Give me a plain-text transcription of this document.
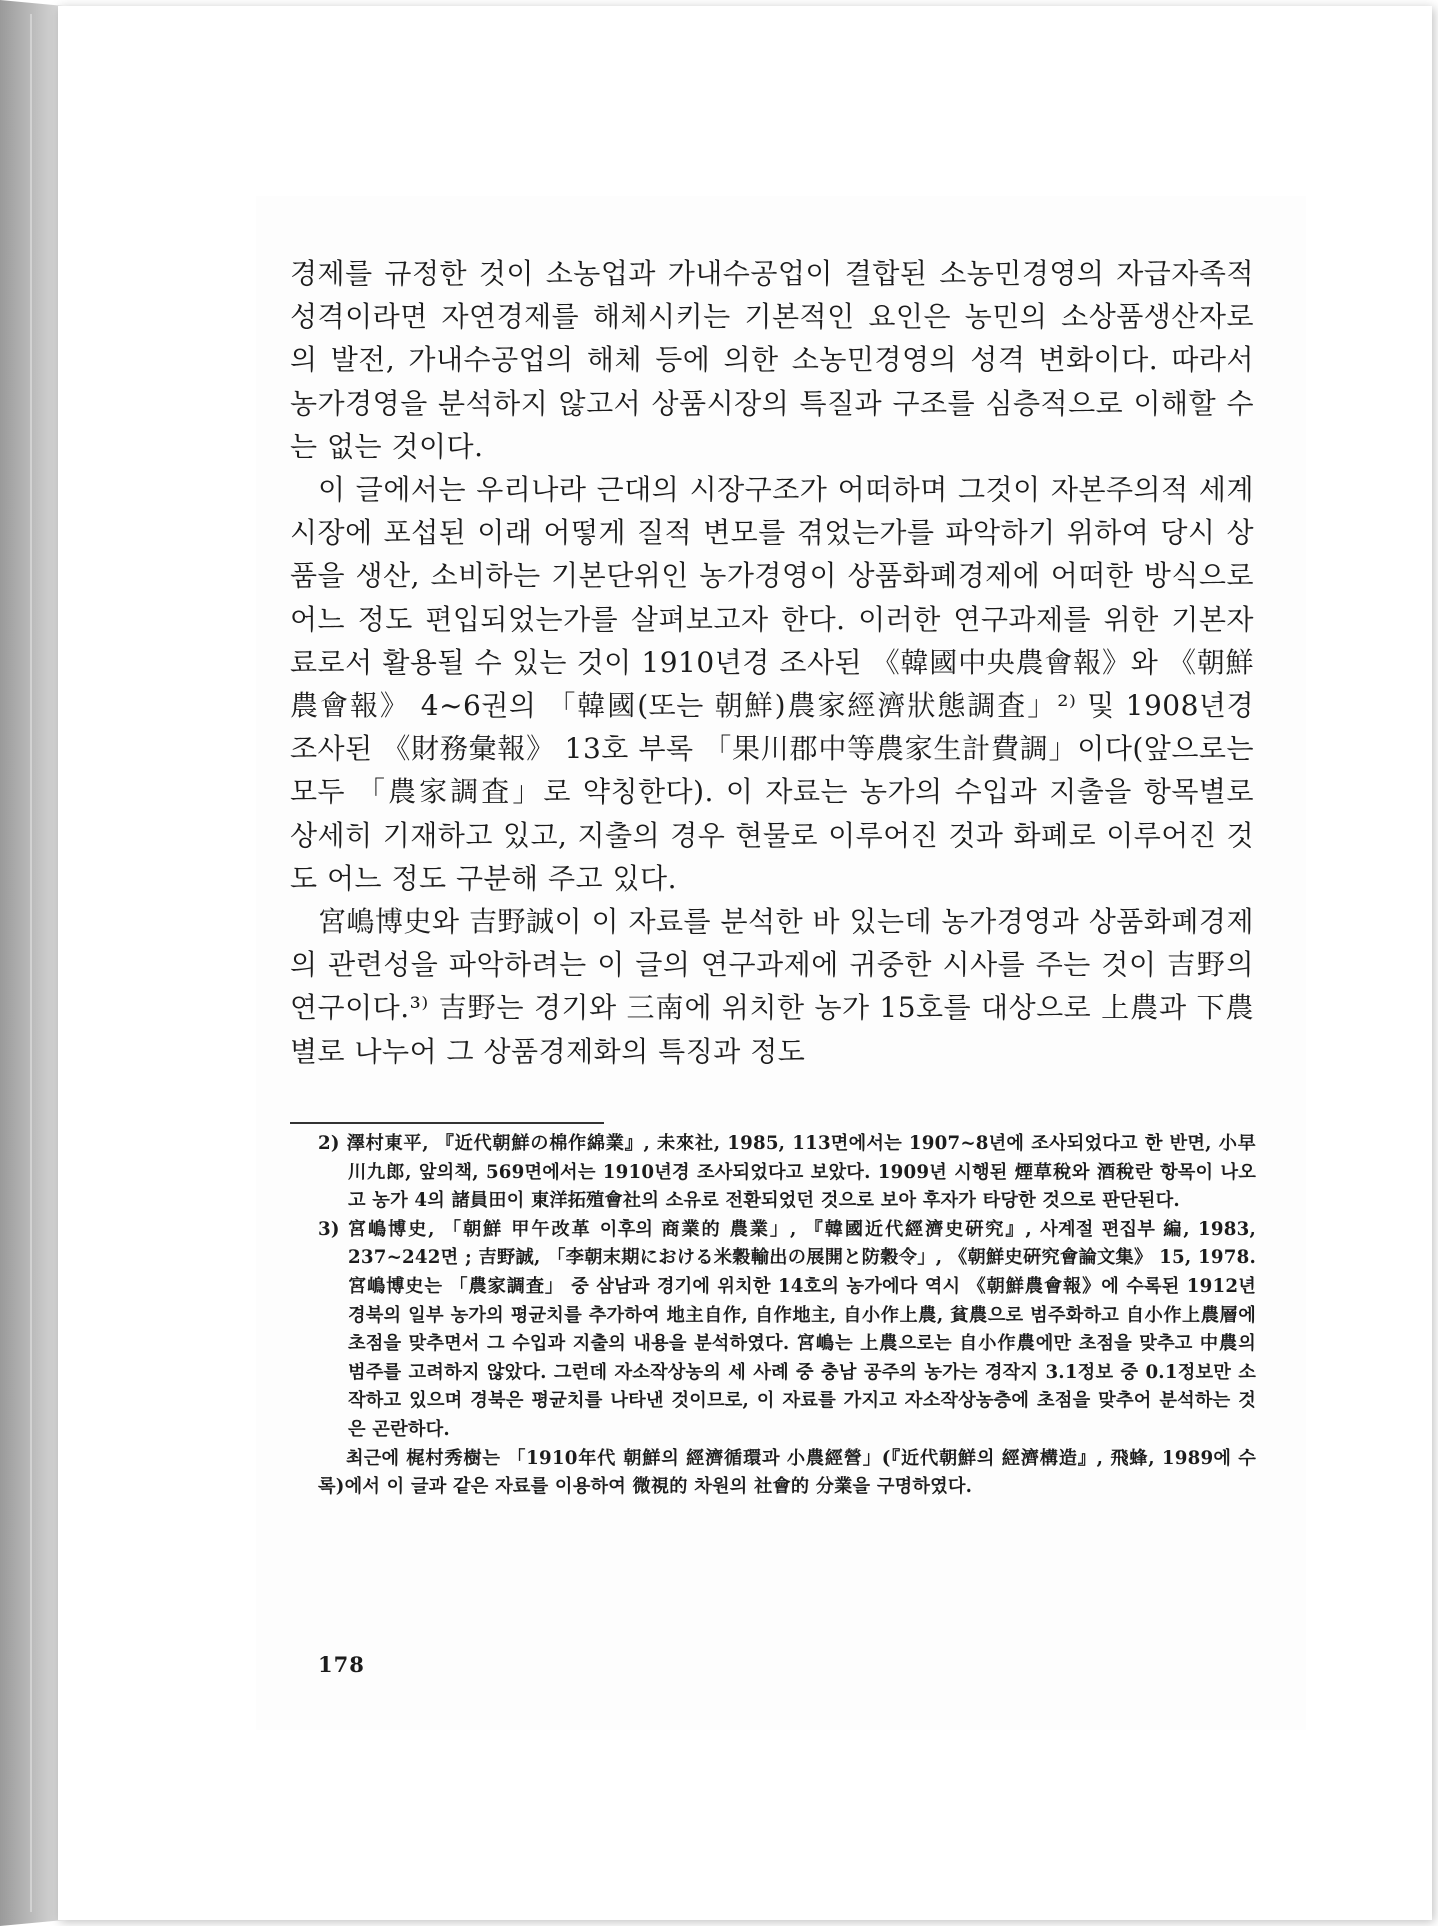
경제를 규정한 것이 소농업과 가내수공업이 결합된 소농민경영의 자급자족적 성격이라면 자연경제를 해체시키는 기본적인 요인은 농민의 소상품생산자로의 발전, 가내수공업의 해체 등에 의한 소농민경영의 성격 변화이다. 따라서 농가경영을 분석하지 않고서 상품시장의 특질과 구조를 심층적으로 이해할 수는 없는 것이다.

이 글에서는 우리나라 근대의 시장구조가 어떠하며 그것이 자본주의적 세계시장에 포섭된 이래 어떻게 질적 변모를 겪었는가를 파악하기 위하여 당시 상품을 생산, 소비하는 기본단위인 농가경영이 상품화폐경제에 어떠한 방식으로 어느 정도 편입되었는가를 살펴보고자 한다. 이러한 연구과제를 위한 기본자료로서 활용될 수 있는 것이 1910년경 조사된 《韓國中央農會報》와 《朝鮮農會報》 4~6권의 「韓國(또는 朝鮮)農家經濟狀態調査」²⁾ 및 1908년경 조사된 《財務彙報》 13호 부록 「果川郡中等農家生計費調」이다(앞으로는 모두 「農家調査」로 약칭한다). 이 자료는 농가의 수입과 지출을 항목별로 상세히 기재하고 있고, 지출의 경우 현물로 이루어진 것과 화폐로 이루어진 것도 어느 정도 구분해 주고 있다.

宮嶋博史와 吉野誠이 이 자료를 분석한 바 있는데 농가경영과 상품화폐경제의 관련성을 파악하려는 이 글의 연구과제에 귀중한 시사를 주는 것이 吉野의 연구이다.³⁾ 吉野는 경기와 三南에 위치한 농가 15호를 대상으로 上農과 下農별로 나누어 그 상품경제화의 특징과 정도

2) 澤村東平, 『近代朝鮮の棉作綿業』, 未來社, 1985, 113면에서는 1907~8년에 조사되었다고 한 반면, 小早川九郎, 앞의책, 569면에서는 1910년경 조사되었다고 보았다. 1909년 시행된 煙草稅와 酒稅란 항목이 나오고 농가 4의 諸員田이 東洋拓殖會社의 소유로 전환되었던 것으로 보아 후자가 타당한 것으로 판단된다.

3) 宮嶋博史, 「朝鮮 甲午改革 이후의 商業的 農業」, 『韓國近代經濟史硏究』, 사계절 편집부 編, 1983, 237~242면 ; 吉野誠, 「李朝末期における米穀輸出の展開と防穀令」, 《朝鮮史硏究會論文集》 15, 1978. 宮嶋博史는 「農家調査」 중 삼남과 경기에 위치한 14호의 농가에다 역시 《朝鮮農會報》에 수록된 1912년 경북의 일부 농가의 평균치를 추가하여 地主自作, 自作地主, 自小作上農, 貧農으로 범주화하고 自小作上農層에 초점을 맞추면서 그 수입과 지출의 내용을 분석하였다. 宮嶋는 上農으로는 自小作農에만 초점을 맞추고 中農의 범주를 고려하지 않았다. 그런데 자소작상농의 세 사례 중 충남 공주의 농가는 경작지 3.1정보 중 0.1정보만 소작하고 있으며 경북은 평균치를 나타낸 것이므로, 이 자료를 가지고 자소작상농층에 초점을 맞추어 분석하는 것은 곤란하다.

최근에 梶村秀樹는 「1910年代 朝鮮의 經濟循環과 小農經營」(『近代朝鮮의 經濟構造』, 飛蜂, 1989에 수록)에서 이 글과 같은 자료를 이용하여 微視的 차원의 社會的 分業을 구명하였다.

178
